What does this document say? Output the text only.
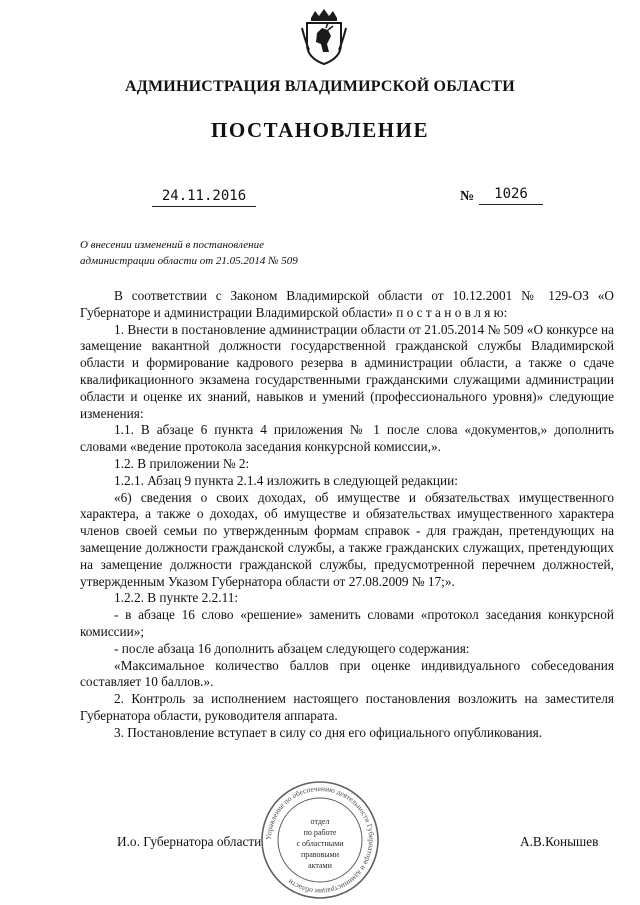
АДМИНИСТРАЦИЯ ВЛАДИМИРСКОЙ ОБЛАСТИ
ПОСТАНОВЛЕНИЕ
24.11.2016	№	1026
О внесении изменений в постановление
администрации области от 21.05.2014 № 509

В соответствии с Законом Владимирской области от 10.12.2001 № 129-ОЗ «О Губернаторе и администрации Владимирской области» п о с т а н о в л я ю:

1. Внести в постановление администрации области от 21.05.2014 № 509 «О конкурсе на замещение вакантной должности государственной гражданской службы Владимирской области и формирование кадрового резерва в администрации области, а также о сдаче квалификационного экзамена государственными гражданскими служащими администрации области и оценке их знаний, навыков и умений (профессионального уровня)» следующие изменения:

1.1. В абзаце 6 пункта 4 приложения № 1 после слова «документов,» дополнить словами «ведение протокола заседания конкурсной комиссии,».

1.2. В приложении № 2:

1.2.1. Абзац 9 пункта 2.1.4 изложить в следующей редакции:

«6) сведения о своих доходах, об имуществе и обязательствах имущественного характера, а также о доходах, об имуществе и обязательствах имущественного характера членов своей семьи по утвержденным формам справок - для граждан, претендующих на замещение должности гражданской службы, а также гражданских служащих, претендующих на замещение должности гражданской службы, предусмотренной перечнем должностей, утвержденным Указом Губернатора области от 27.08.2009 № 17;».

1.2.2. В пункте 2.2.11:

- в абзаце 16 слово «решение» заменить словами «протокол заседания конкурсной комиссии»;

- после абзаца 16 дополнить абзацем следующего содержания:

«Максимальное количество баллов при оценке индивидуального собеседования составляет 10 баллов.».

2. Контроль за исполнением настоящего постановления возложить на заместителя Губернатора области, руководителя аппарата.

3. Постановление вступает в силу со дня его официального опубликования.

И.о. Губернатора области	А.В.Конышев
Управление по обеспечению деятельности Губернатора и администрации области
отдел
по работе
с областными
правовыми
актами
